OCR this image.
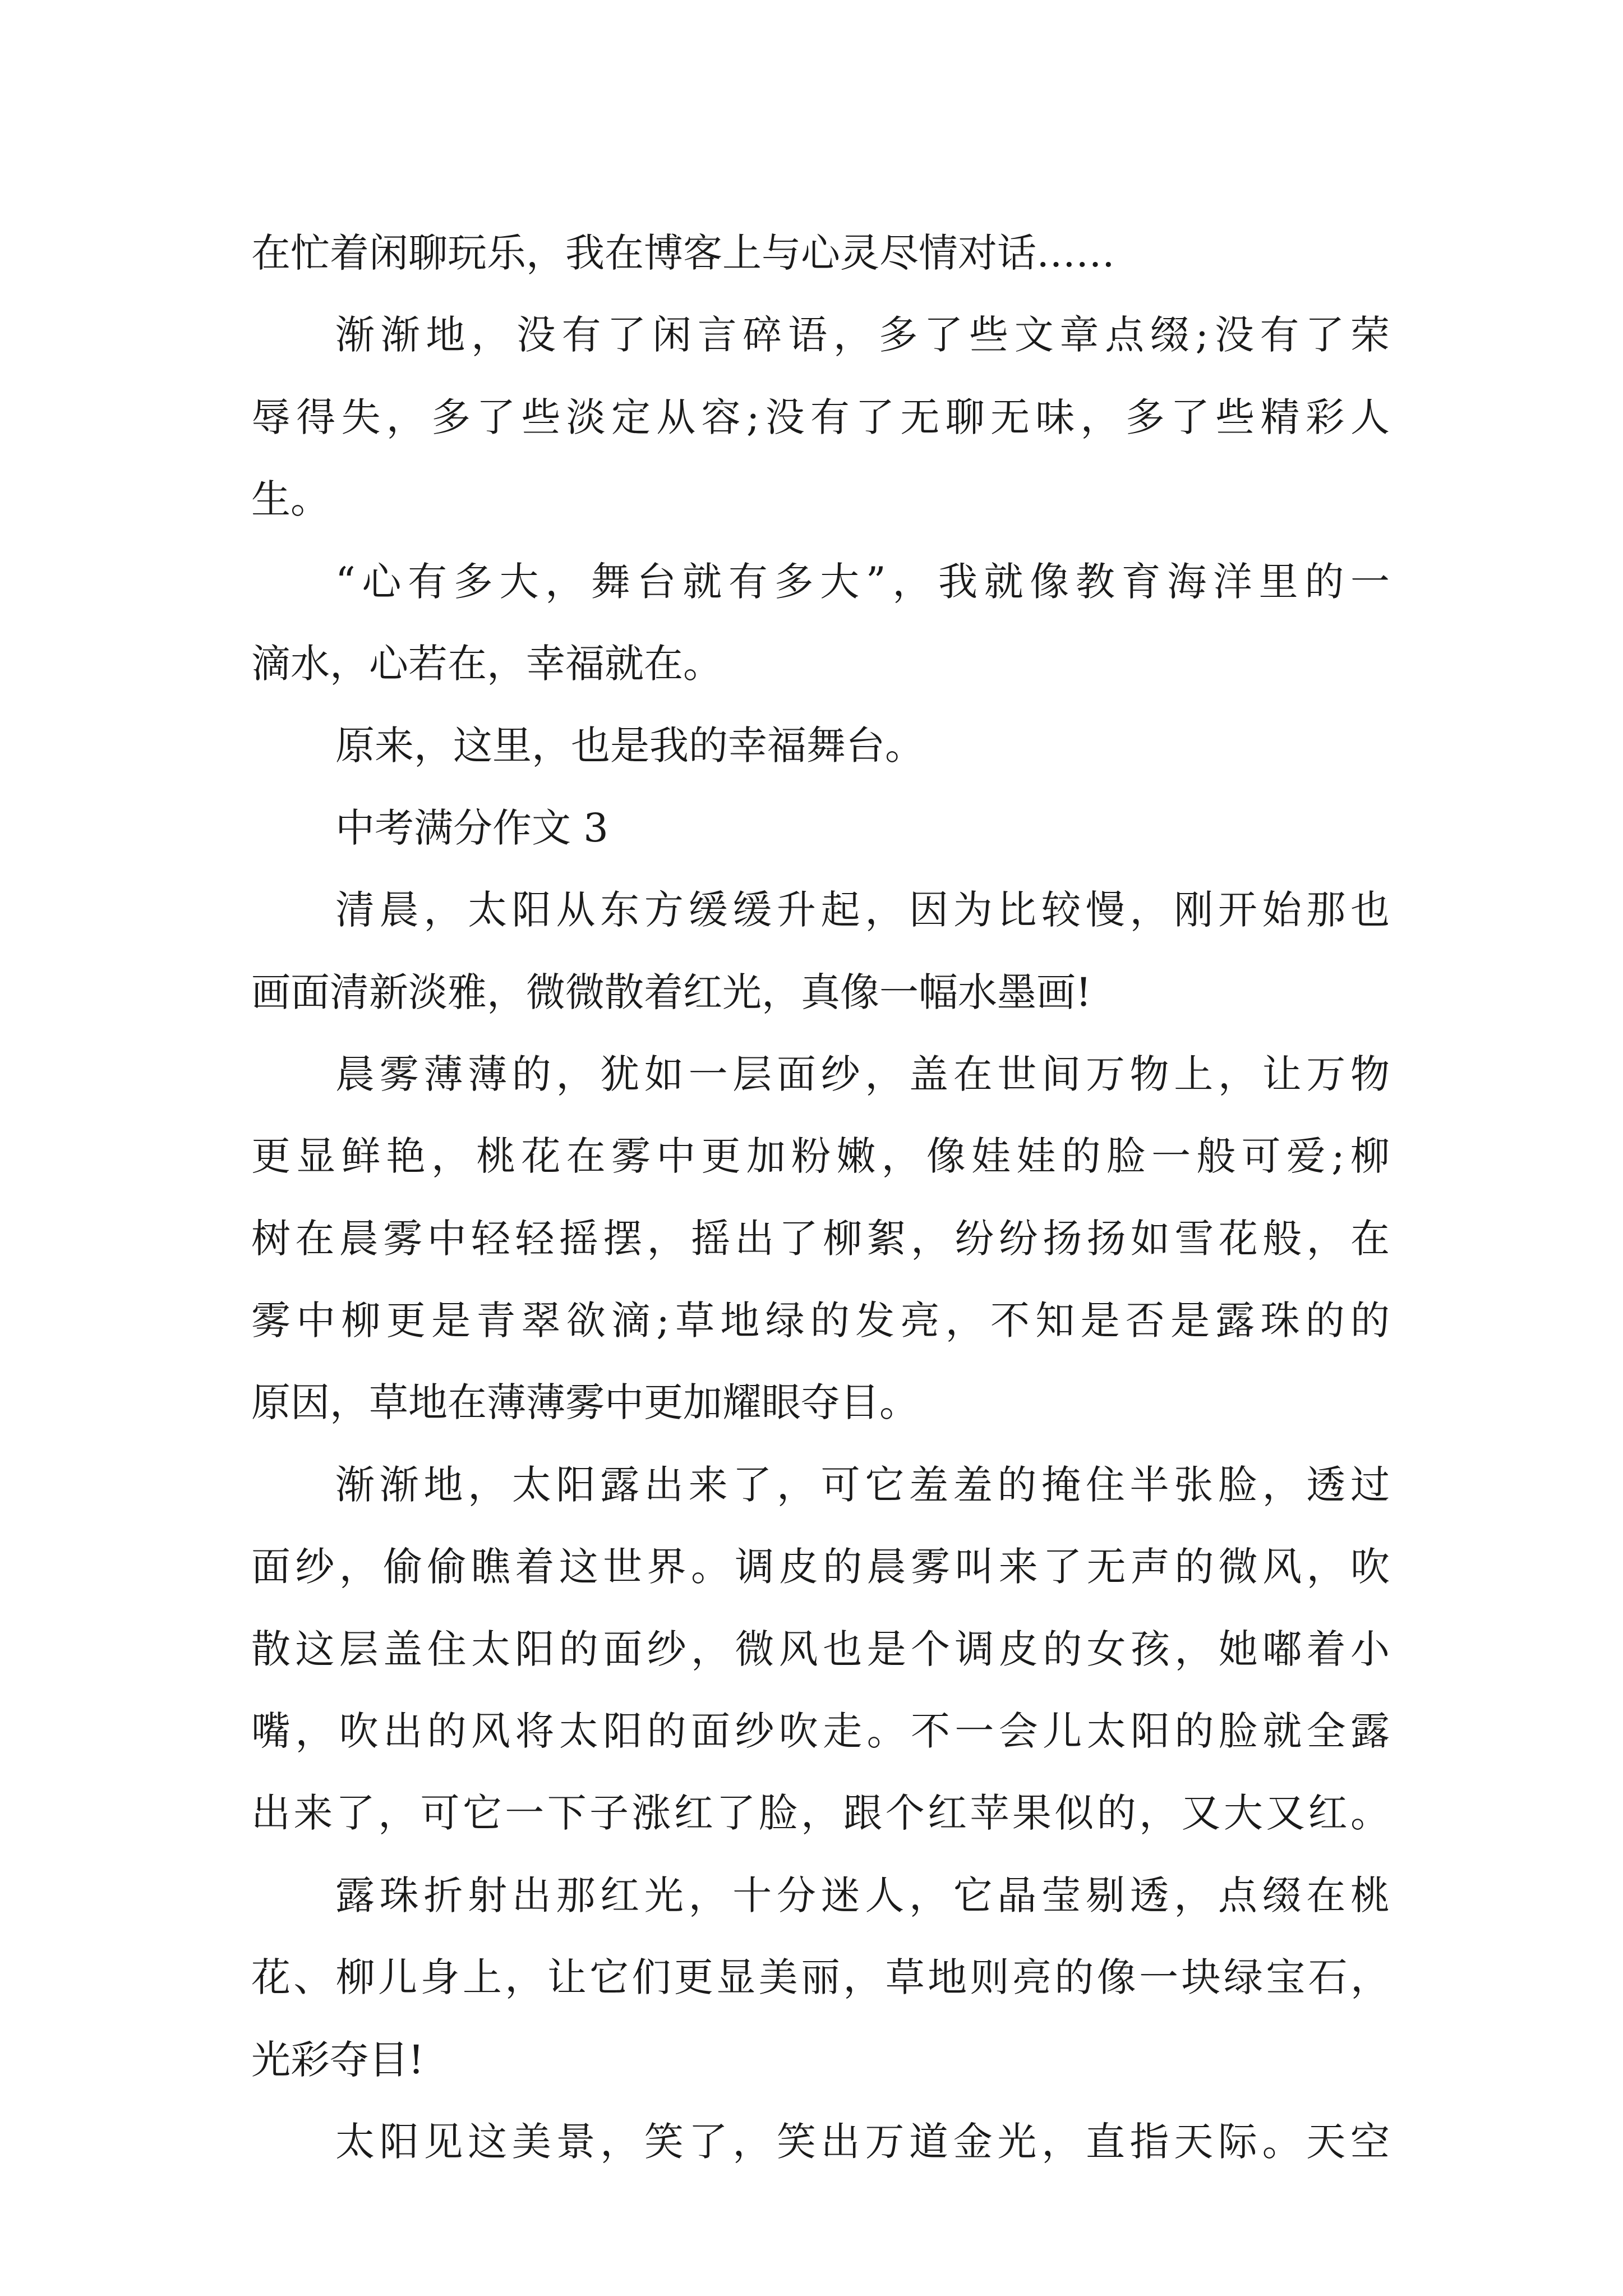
在忙着闲聊玩乐，我在博客上与心灵尽情对话……
渐渐地，没有了闲言碎语，多了些文章点缀;没有了荣
辱得失，多了些淡定从容;没有了无聊无味，多了些精彩人
生。
“心有多大，舞台就有多大”，我就像教育海洋里的一
滴水，心若在，幸福就在。
原来，这里，也是我的幸福舞台。
中考满分作文 3
清晨，太阳从东方缓缓升起，因为比较慢，刚开始那也
画面清新淡雅，微微散着红光，真像一幅水墨画!
晨雾薄薄的，犹如一层面纱，盖在世间万物上，让万物
更显鲜艳，桃花在雾中更加粉嫩，像娃娃的脸一般可爱;柳
树在晨雾中轻轻摇摆，摇出了柳絮，纷纷扬扬如雪花般，在
雾中柳更是青翠欲滴;草地绿的发亮，不知是否是露珠的的
原因，草地在薄薄雾中更加耀眼夺目。
渐渐地，太阳露出来了，可它羞羞的掩住半张脸，透过
面纱，偷偷瞧着这世界。调皮的晨雾叫来了无声的微风，吹
散这层盖住太阳的面纱，微风也是个调皮的女孩，她嘟着小
嘴，吹出的风将太阳的面纱吹走。不一会儿太阳的脸就全露
出来了，可它一下子涨红了脸，跟个红苹果似的，又大又红。
露珠折射出那红光，十分迷人，它晶莹剔透，点缀在桃
花、柳儿身上，让它们更显美丽，草地则亮的像一块绿宝石，
光彩夺目!
太阳见这美景，笑了，笑出万道金光，直指天际。天空
